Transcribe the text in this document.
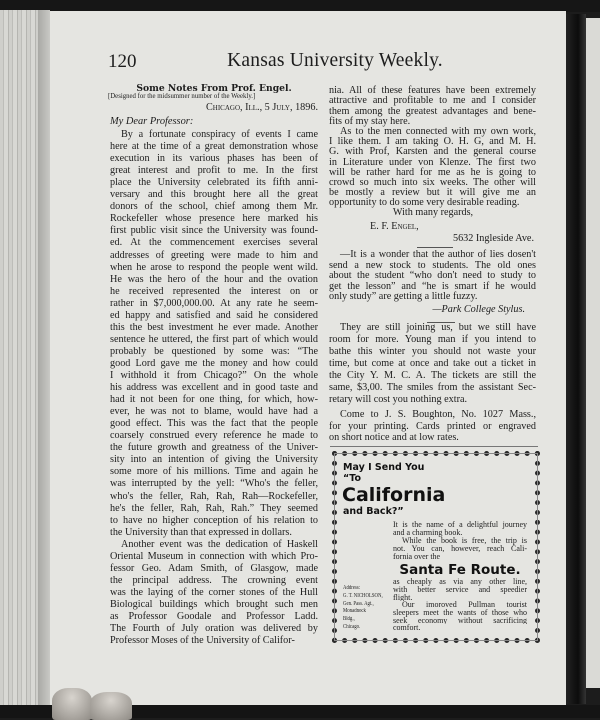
120	Kansas University Weekly.
Some Notes From Prof. Engel.
[Designed for the midsummer number of the Weekly.]
Chicago, Ill., 5 July, 1896.
My Dear Professor:
By a fortunate conspiracy of events I came
here at the time of a great demonstration whose
execution in its various phases has been of
great interest and profit to me. In the first
place the University celebrated its fifth anni-
versary and this brought here all the great
donors of the school, chief among them Mr.
Rockefeller whose presence here marked his
first public visit since the University was found-
ed. At the commencement exercises several
addresses of greeting were made to him and
when he arose to respond the people went wild.
He was the hero of the hour and the ovation
he received represented the interest on or
rather in $7,000,000.00. At any rate he seem-
ed happy and satisfied and said he considered
this the best investment he ever made. Another
sentence he uttered, the first part of which would
probably be questioned by some was: “The
good Lord gave me the money and how could
I withhold it from Chicago?” On the whole
his address was excellent and in good taste and
had it not been for one thing, for which, how-
ever, he was not to blame, would have had a
good effect. This was the fact that the people
coarsely construed every reference he made to
the future growth and greatness of the Univer-
sity into an intention of giving the University
some more of his millions. Time and again he
was interrupted by the yell: “Who's the feller,
who's the feller, Rah, Rah, Rah—Rockefeller,
he's the feller, Rah, Rah, Rah.” They seemed
to have no higher conception of his relation to
the University than that expressed in dollars.
Another event was the dedication of Haskell
Oriental Museum in connection with which Pro-
fessor Geo. Adam Smith, of Glasgow, made
the principal address. The crowning event
was the laying of the corner stones of the Hull
Biological buildings which brought such men
as Professor Goodale and Professor Ladd.
The Fourth of July oration was delivered by
Professor Moses of the University of Califor-
With many regards,
E. F. Engel,
5632 Ingleside Ave.
—Park College Stylus.
nia. All of these features have been extremely
attractive and profitable to me and I consider
them among the greatest advantages and bene-
fits of my stay here.
As to the men connected with my own work,
I like them. I am taking O. H. G, and M. H.
G. with Prof, Karsten and the general course
in Literature under von Klenze. The first two
will be rather hard for me as he is going to
crowd so much into six weeks. The other will
be mostly a review but it will give me an
opportunity to do some very desirable reading.
—It is a wonder that the author of lies dosen't
send a new stock to students. The old ones
about the student “who don't need to study to
get the lesson” and “he is smart if he would
only study” are getting a little fuzzy.
They are still joining us, but we still have
room for more. Young man if you intend to
bathe this winter you should not waste your
time, but come at once and take out a ticket in
the City Y. M. C. A. The tickets are still the
same, $3,00. The smiles from the assistant Sec-
retary will cost you nothing extra.
Come to J. S. Boughton, No. 1027 Mass.,
for your printing. Cards printed or engraved
on short notice and at low rates.
May I Send You
“To
California
and Back?”
Santa Fe Route.
It is the name of a delightful journey
and a charming book.
While the book is free, the trip is
not. You can, however, reach Cali-
fornia over the
as cheaply as via any other line,
with better service and speedier
flight.
Our imoroved Pullman tourist
sleepers meet the wants of those who
seek economy without sacrificing
comfort.
Address:
G. T. NICHOLSON,
Gen. Pass. Agt.,
Monadnock
Bldg.,
Chicago.
